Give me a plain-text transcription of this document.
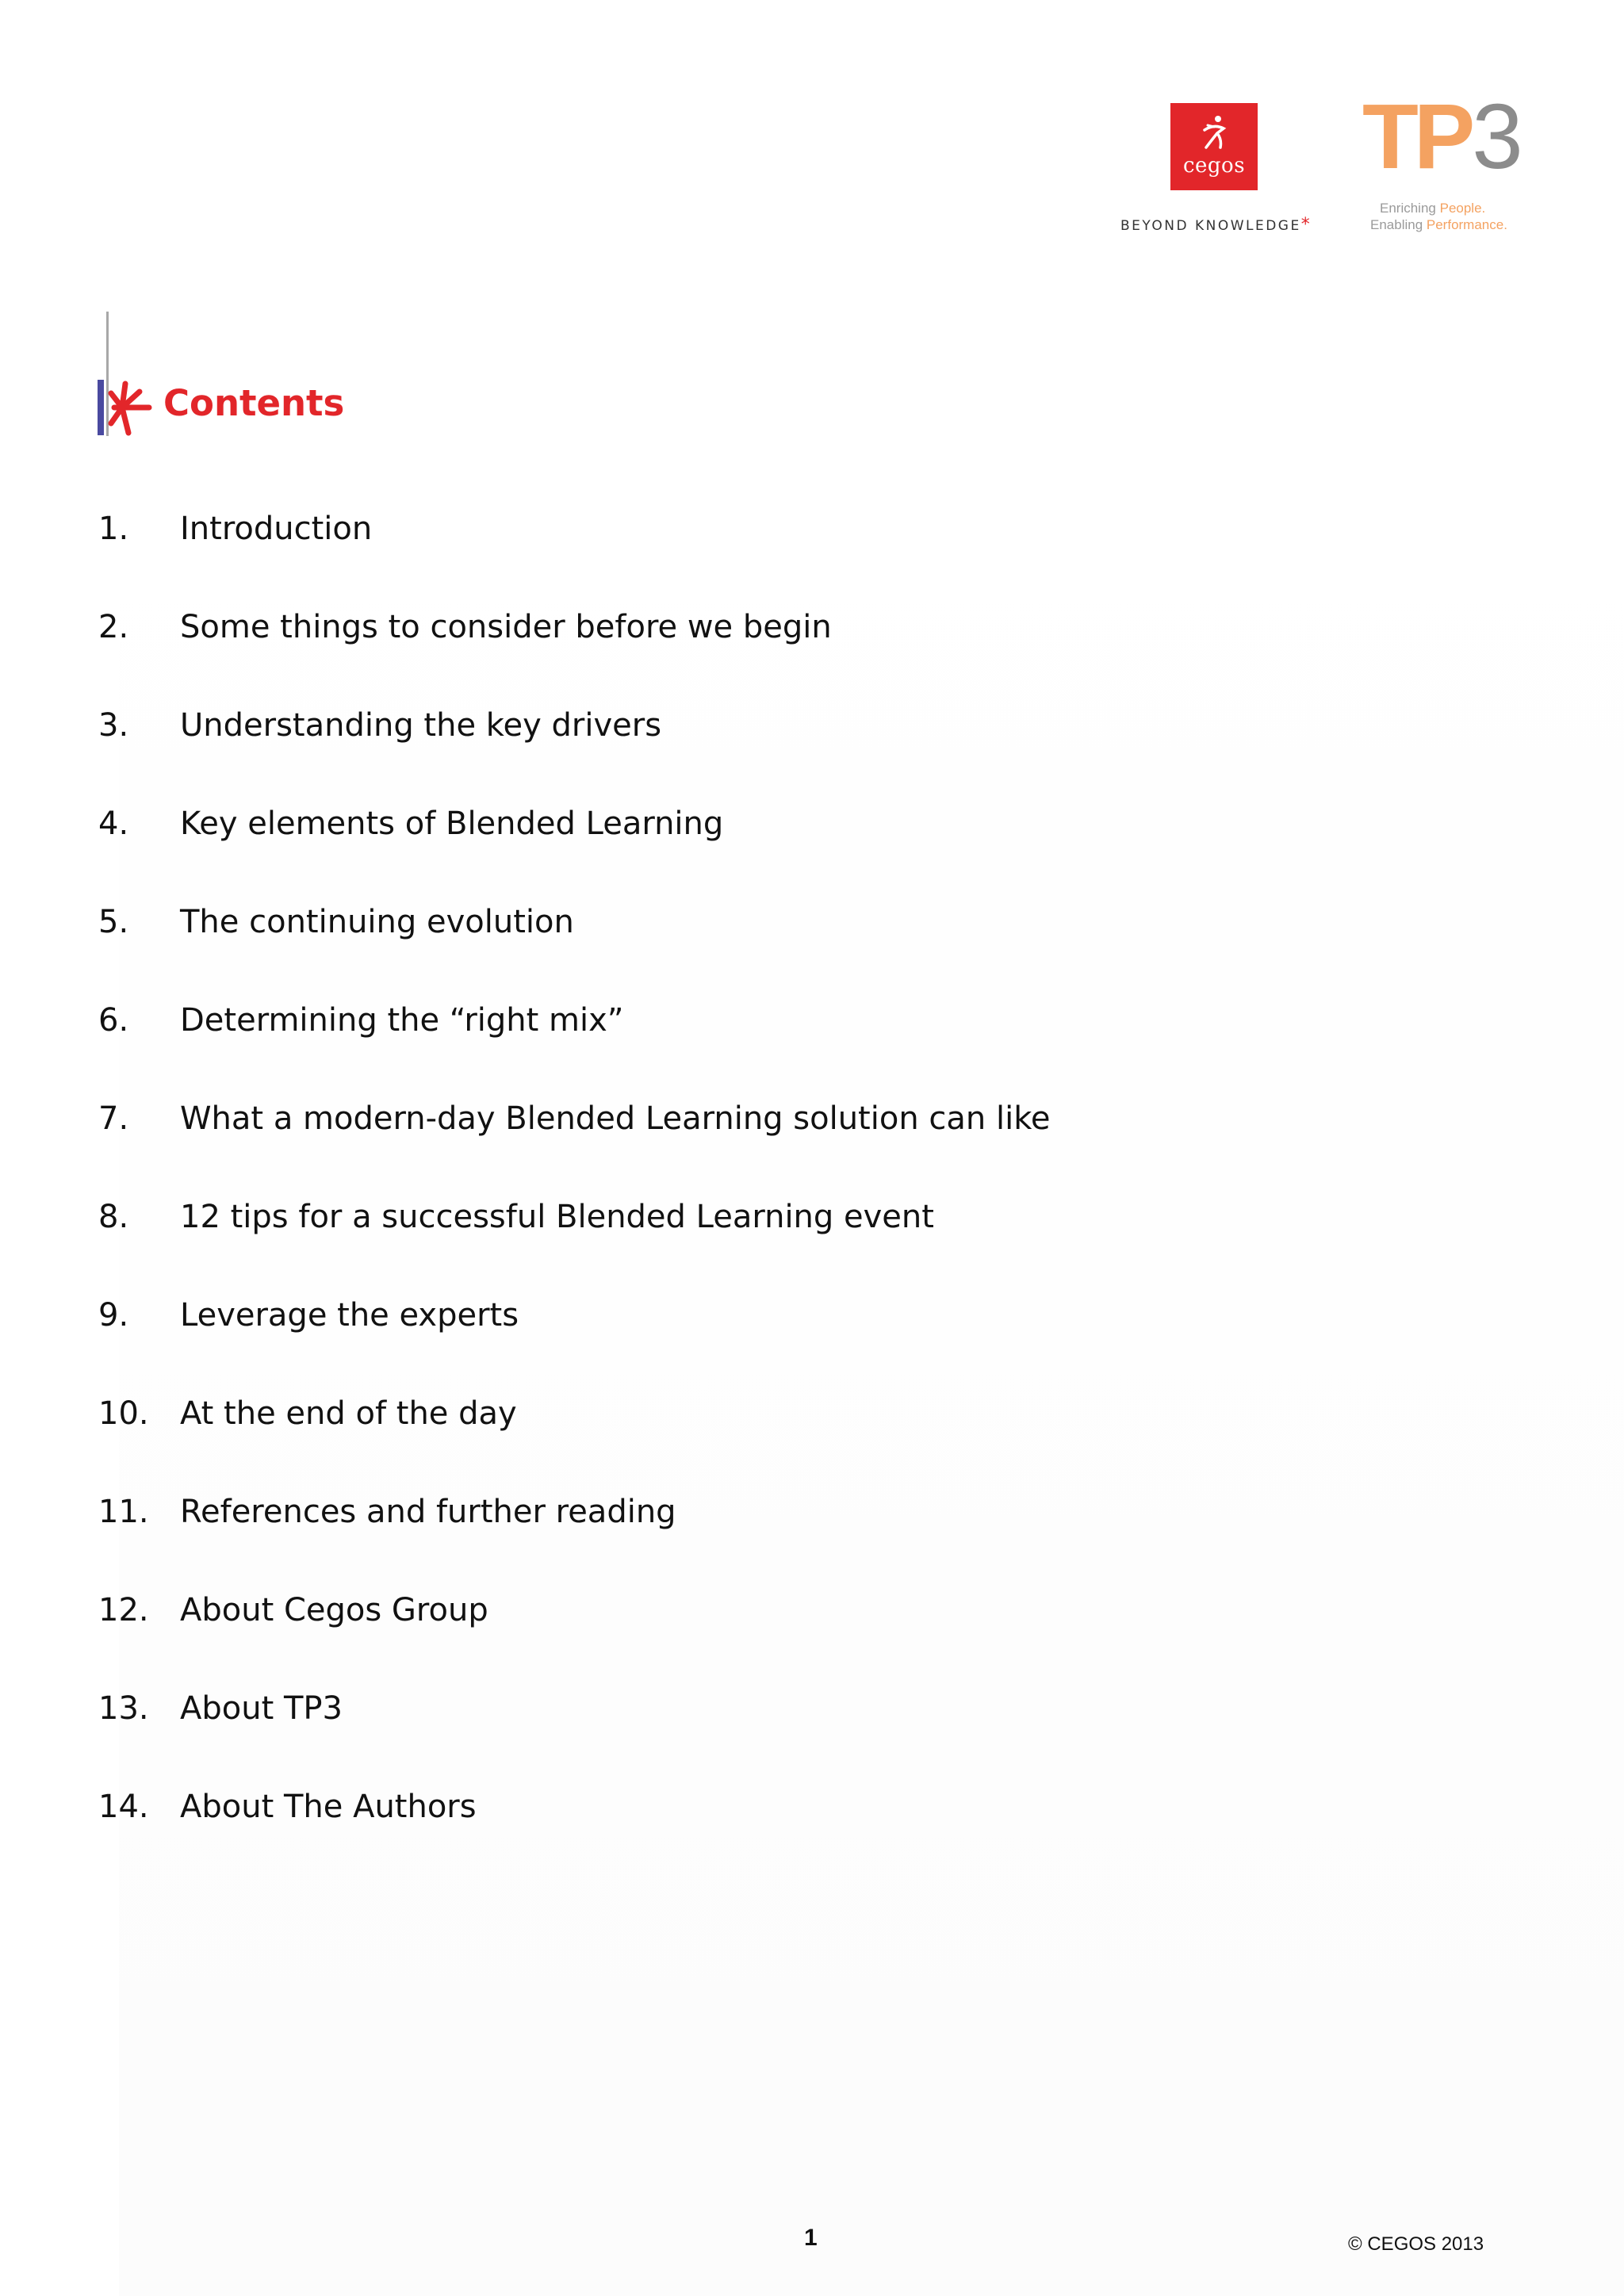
cegos
BEYOND KNOWLEDGE*
TP3
Enriching People.
Enabling Performance.
Contents
1. Introduction
2. Some things to consider before we begin
3. Understanding the key drivers
4. Key elements of Blended Learning
5. The continuing evolution
6. Determining the “right mix”
7. What a modern-day Blended Learning solution can like
8. 12 tips for a successful Blended Learning event
9. Leverage the experts
10. At the end of the day
11. References and further reading
12. About Cegos Group
13. About TP3
14. About The Authors
1	© CEGOS 2013
